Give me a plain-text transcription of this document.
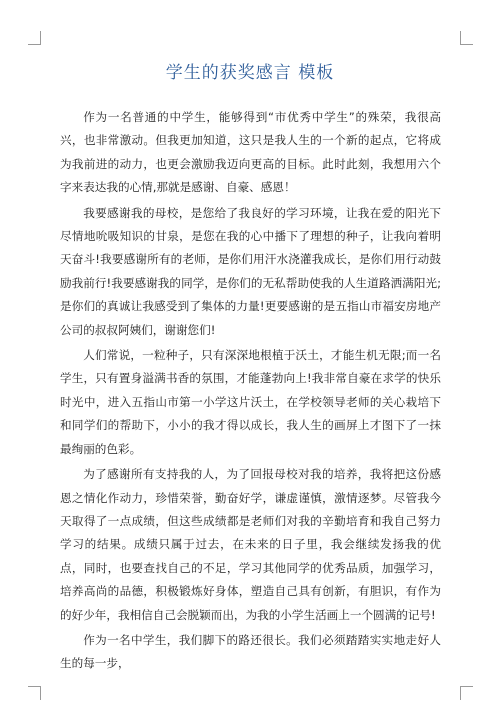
学生的获奖感言 模板

作为一名普通的中学生，能够得到“市优秀中学生”的殊荣，我很高兴，也非常激动。但我更加知道，这只是我人生的一个新的起点，它将成为我前进的动力，也更会激励我迈向更高的目标。此时此刻，我想用六个字来表达我的心情,那就是感谢、自豪、感恩！

我要感谢我的母校，是您给了我良好的学习环境，让我在爱的阳光下尽情地吮吸知识的甘泉，是您在我的心中播下了理想的种子，让我向着明天奋斗!我要感谢所有的老师，是你们用汗水浇灌我成长，是你们用行动鼓励我前行!我要感谢我的同学，是你们的无私帮助使我的人生道路洒满阳光;是你们的真诚让我感受到了集体的力量!更要感谢的是五指山市福安房地产公司的叔叔阿姨们，谢谢您们!

人们常说，一粒种子，只有深深地根植于沃土，才能生机无限;而一名学生，只有置身溢满书香的氛围，才能蓬勃向上!我非常自豪在求学的快乐时光中，进入五指山市第一小学这片沃土，在学校领导老师的关心栽培下和同学们的帮助下，小小的我才得以成长，我人生的画屏上才图下了一抹最绚丽的色彩。

为了感谢所有支持我的人，为了回报母校对我的培养，我将把这份感恩之情化作动力，珍惜荣誉，勤奋好学，谦虚谨慎，激情逐梦。尽管我今天取得了一点成绩，但这些成绩都是老师们对我的辛勤培育和我自己努力学习的结果。成绩只属于过去，在未来的日子里，我会继续发扬我的优点，同时，也要查找自己的不足，学习其他同学的优秀品质，加强学习，培养高尚的品德，积极锻炼好身体，塑造自己具有创新，有胆识，有作为的好少年，我相信自己会脱颖而出，为我的小学生活画上一个圆满的记号!

作为一名中学生，我们脚下的路还很长。我们必须踏踏实实地走好人生的每一步，
